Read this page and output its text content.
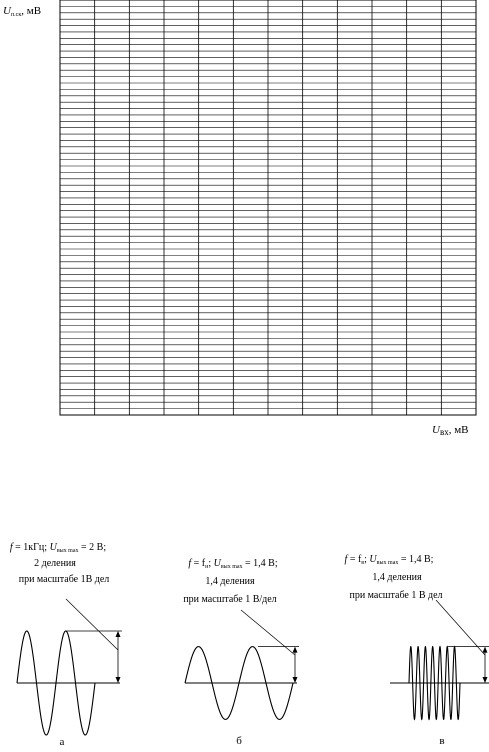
Uп.ск, мВ
Uвх, мВ
f = 1кГц; $U_{вых max} = 2$ В;
2 деления
при масштабе 1В дел
а
$f = f_н$; $U_{вых max} = 1,4$ В;
1,4 деления
при масштабе 1 В/дел
б
$f = f_в$; $U_{вых max} = 1,4$ В;
1,4 деления
при масштабе 1 В дел
в
